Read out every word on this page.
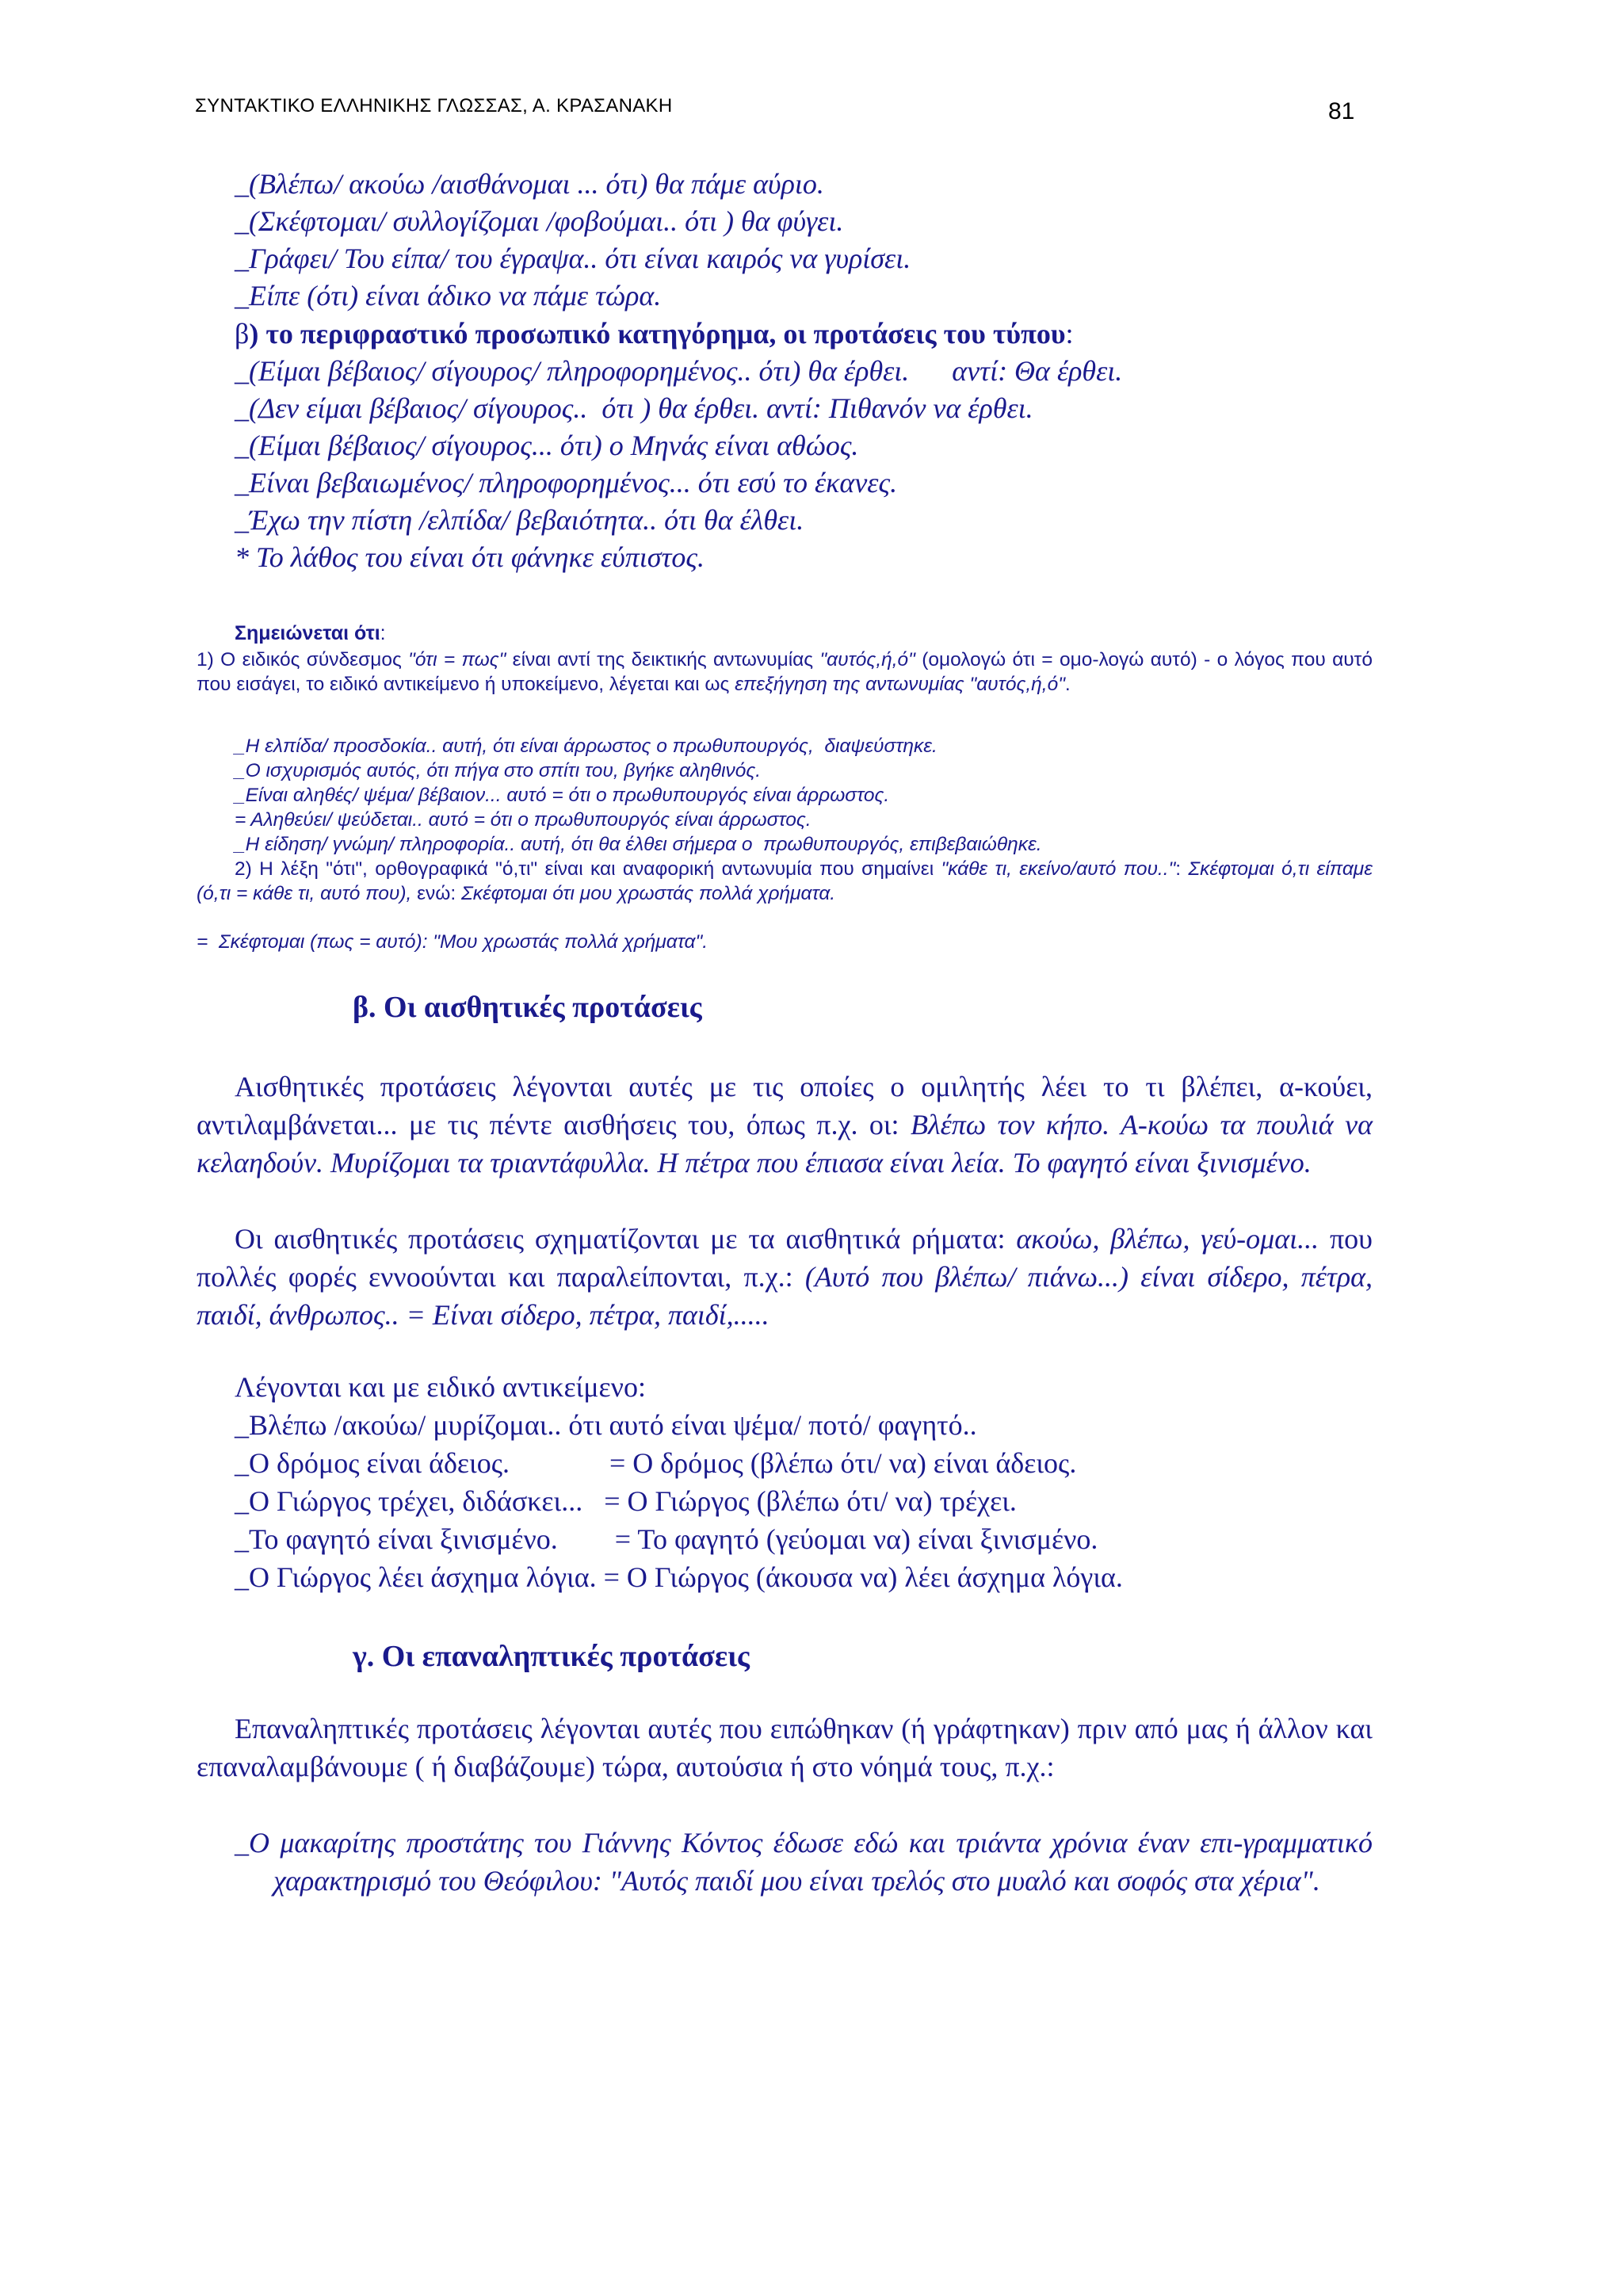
ΣΥΝΤΑΚΤΙΚΟ ΕΛΛΗΝΙΚΗΣ ΓΛΩΣΣΑΣ, Α. ΚΡΑΣΑΝΑΚΗ	81
_(Βλέπω/ ακούω /αισθάνομαι ... ότι) θα πάμε αύριο.
_(Σκέφτομαι/ συλλογίζομαι /φοβούμαι.. ότι ) θα φύγει.
_Γράφει/ Του είπα/ του έγραψα.. ότι είναι καιρός να γυρίσει.
_Είπε (ότι) είναι άδικο να πάμε τώρα.
β) το περιφραστικό προσωπικό κατηγόρημα, οι προτάσεις του τύπου:
_(Είμαι βέβαιος/ σίγουρος/ πληροφορημένος.. ότι) θα έρθει.      αντί: Θα έρθει.
_(Δεν είμαι βέβαιος/ σίγουρος..  ότι ) θα έρθει. αντί: Πιθανόν να έρθει.
_(Είμαι βέβαιος/ σίγουρος... ότι) ο Μηνάς είναι αθώος.
_Είναι βεβαιωμένος/ πληροφορημένος... ότι εσύ το έκανες.
_Έχω την πίστη /ελπίδα/ βεβαιότητα.. ότι θα έλθει.
* Το λάθος του είναι ότι φάνηκε εύπιστος.
Σημειώνεται ότι:
1) Ο ειδικός σύνδεσμος "ότι = πως" είναι αντί της δεικτικής αντωνυμίας "αυτός,ή,ό" (ομολογώ ότι = ομο-λογώ αυτό) - ο λόγος που αυτό που εισάγει, το ειδικό αντικείμενο ή υποκείμενο, λέγεται και ως επεξήγηση της αντωνυμίας "αυτός,ή,ό".
_Η ελπίδα/ προσδοκία.. αυτή, ότι είναι άρρωστος ο πρωθυπουργός,  διαψεύστηκε.
_Ο ισχυρισμός αυτός, ότι πήγα στο σπίτι του, βγήκε αληθινός.
_Είναι αληθές/ ψέμα/ βέβαιον... αυτό = ότι ο πρωθυπουργός είναι άρρωστος.
= Αληθεύει/ ψεύδεται.. αυτό = ότι ο πρωθυπουργός είναι άρρωστος.
_Η είδηση/ γνώμη/ πληροφορία.. αυτή, ότι θα έλθει σήμερα ο  πρωθυπουργός, επιβεβαιώθηκε.
2) Η λέξη "ότι", ορθογραφικά "ό,τι" είναι και αναφορική αντωνυμία που σημαίνει "κάθε τι, εκείνο/αυτό που..": Σκέφτομαι ό,τι είπαμε (ό,τι = κάθε τι, αυτό που), ενώ: Σκέφτομαι ότι μου χρωστάς πολλά χρήματα.
=  Σκέφτομαι (πως = αυτό): "Μου χρωστάς πολλά χρήματα".
β. Οι αισθητικές προτάσεις
Αισθητικές προτάσεις λέγονται αυτές με τις οποίες ο ομιλητής λέει το τι βλέπει, α-κούει, αντιλαμβάνεται... με τις πέντε αισθήσεις του, όπως π.χ. οι: Βλέπω τον κήπο. Α-κούω τα πουλιά να κελαηδούν. Μυρίζομαι τα τριαντάφυλλα. Η πέτρα που έπιασα είναι λεία. Το φαγητό είναι ξινισμένο.
Οι αισθητικές προτάσεις σχηματίζονται με τα αισθητικά ρήματα: ακούω, βλέπω, γεύ-ομαι... που πολλές φορές εννοούνται και παραλείπονται, π.χ.: (Αυτό που βλέπω/ πιάνω...) είναι σίδερο, πέτρα, παιδί, άνθρωπος.. = Είναι σίδερο, πέτρα, παιδί,.....
Λέγονται και με ειδικό αντικείμενο:
_Βλέπω /ακούω/ μυρίζομαι.. ότι αυτό είναι ψέμα/ ποτό/ φαγητό..
_Ο δρόμος είναι άδειος.              = Ο δρόμος (βλέπω ότι/ να) είναι άδειος.
_Ο Γιώργος τρέχει, διδάσκει...   = Ο Γιώργος (βλέπω ότι/ να) τρέχει.
_Το φαγητό είναι ξινισμένο.        = Το φαγητό (γεύομαι να) είναι ξινισμένο.
_Ο Γιώργος λέει άσχημα λόγια. = Ο Γιώργος (άκουσα να) λέει άσχημα λόγια.
γ. Οι επαναληπτικές προτάσεις
Επαναληπτικές προτάσεις λέγονται αυτές που ειπώθηκαν (ή γράφτηκαν) πριν από μας ή άλλον και επαναλαμβάνουμε ( ή διαβάζουμε) τώρα, αυτούσια ή στο νόημά τους, π.χ.:
_Ο μακαρίτης προστάτης του Γιάννης Κόντος έδωσε εδώ και τριάντα χρόνια έναν επι-γραμματικό χαρακτηρισμό του Θεόφιλου: "Αυτός παιδί μου είναι τρελός στο μυαλό και σοφός στα χέρια".
